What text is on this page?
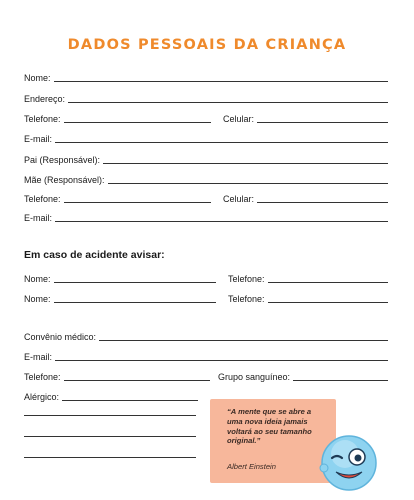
DADOS PESSOAIS DA CRIANÇA
Nome:
Endereço:
Telefone:	Celular:
E-mail:
Pai (Responsável):
Mãe (Responsável):
Telefone:	Celular:
E-mail:
Em caso de acidente avisar:
Nome:	Telefone:
Nome:	Telefone:
Convênio médico:
E-mail:
Telefone:	Grupo sanguíneo:
Alérgico:
“A mente que se abre a uma nova ideia jamais voltará ao seu tamanho original.”
Albert Einstein
